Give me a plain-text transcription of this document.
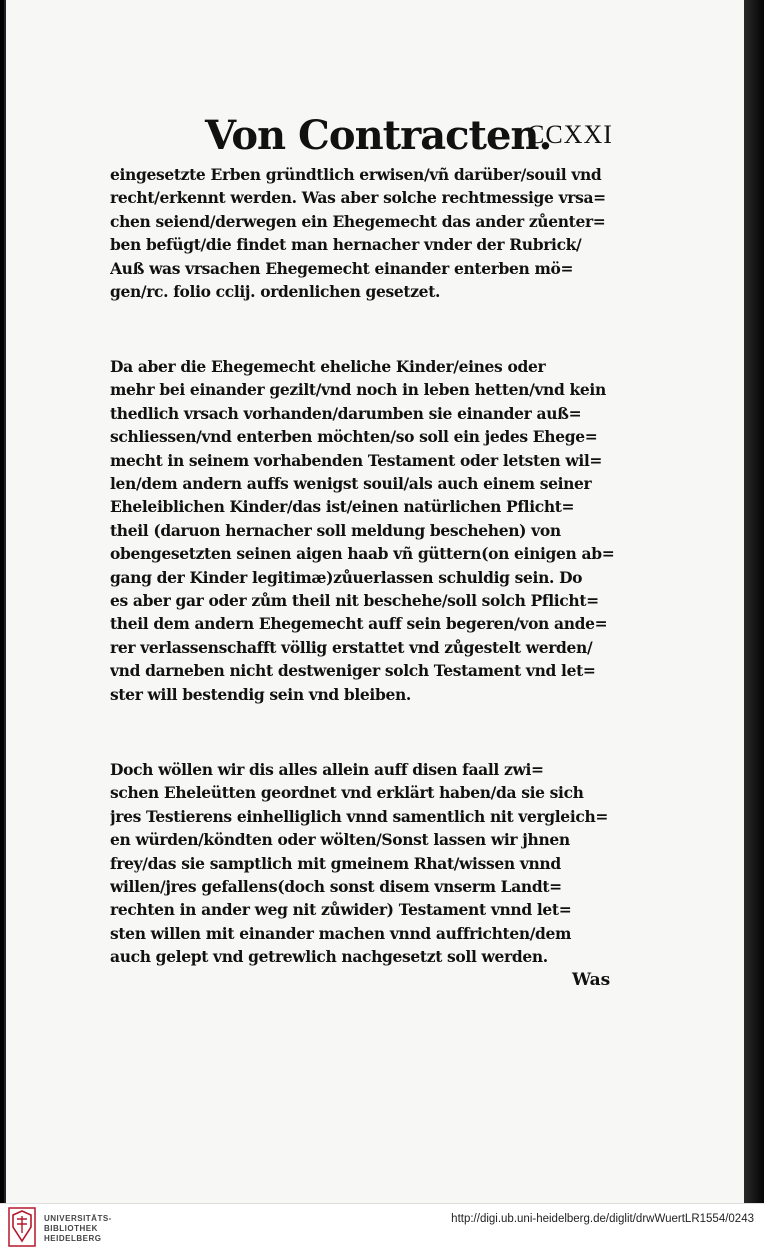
Von Contracten.
CCXXI
eingesetzte Erben gründtlich erwisen/vñ darüber/souil vnd
recht/erkennt werden. Was aber solche rechtmessige vrsa=
chen seiend/derwegen ein Ehegemecht das ander zůenter=
ben befügt/die findet man hernacher vnder der Rubrick/
Auß was vrsachen Ehegemecht einander enterben mö=
gen/rc. folio cclij. ordenlichen gesetzet.
Da aber die Ehegemecht eheliche Kinder/eines oder
mehr bei einander gezilt/vnd noch in leben hetten/vnd kein
thedlich vrsach vorhanden/darumben sie einander auß=
schliessen/vnd enterben möchten/so soll ein jedes Ehege=
mecht in seinem vorhabenden Testament oder letsten wil=
len/dem andern auffs wenigst souil/als auch einem seiner
Eheleiblichen Kinder/das ist/einen natürlichen Pflicht=
theil (daruon hernacher soll meldung beschehen) von
obengesetzten seinen aigen haab vñ güttern(on einigen ab=
gang der Kinder legitimæ)zůuerlassen schuldig sein. Do
es aber gar oder zům theil nit beschehe/soll solch Pflicht=
theil dem andern Ehegemecht auff sein begeren/von ande=
rer verlassenschafft völlig erstattet vnd zůgestelt werden/
vnd darneben nicht destweniger solch Testament vnd let=
ster will bestendig sein vnd bleiben.
Doch wöllen wir dis alles allein auff disen faall zwi=
schen Eheleütten geordnet vnd erklärt haben/da sie sich
jres Testierens einhelliglich vnnd samentlich nit vergleich=
en würden/köndten oder wölten/Sonst lassen wir jhnen
frey/das sie samptlich mit gmeinem Rhat/wissen vnnd
willen/jres gefallens(doch sonst disem vnserm Landt=
rechten in ander weg nit zůwider) Testament vnnd let=
sten willen mit einander machen vnnd auffrichten/dem
auch gelept vnd getrewlich nachgesetzt soll werden.
Was
UNIVERSITÄTS-
BIBLIOTHEK
HEIDELBERG
http://digi.ub.uni-heidelberg.de/diglit/drwWuertLR1554/0243
